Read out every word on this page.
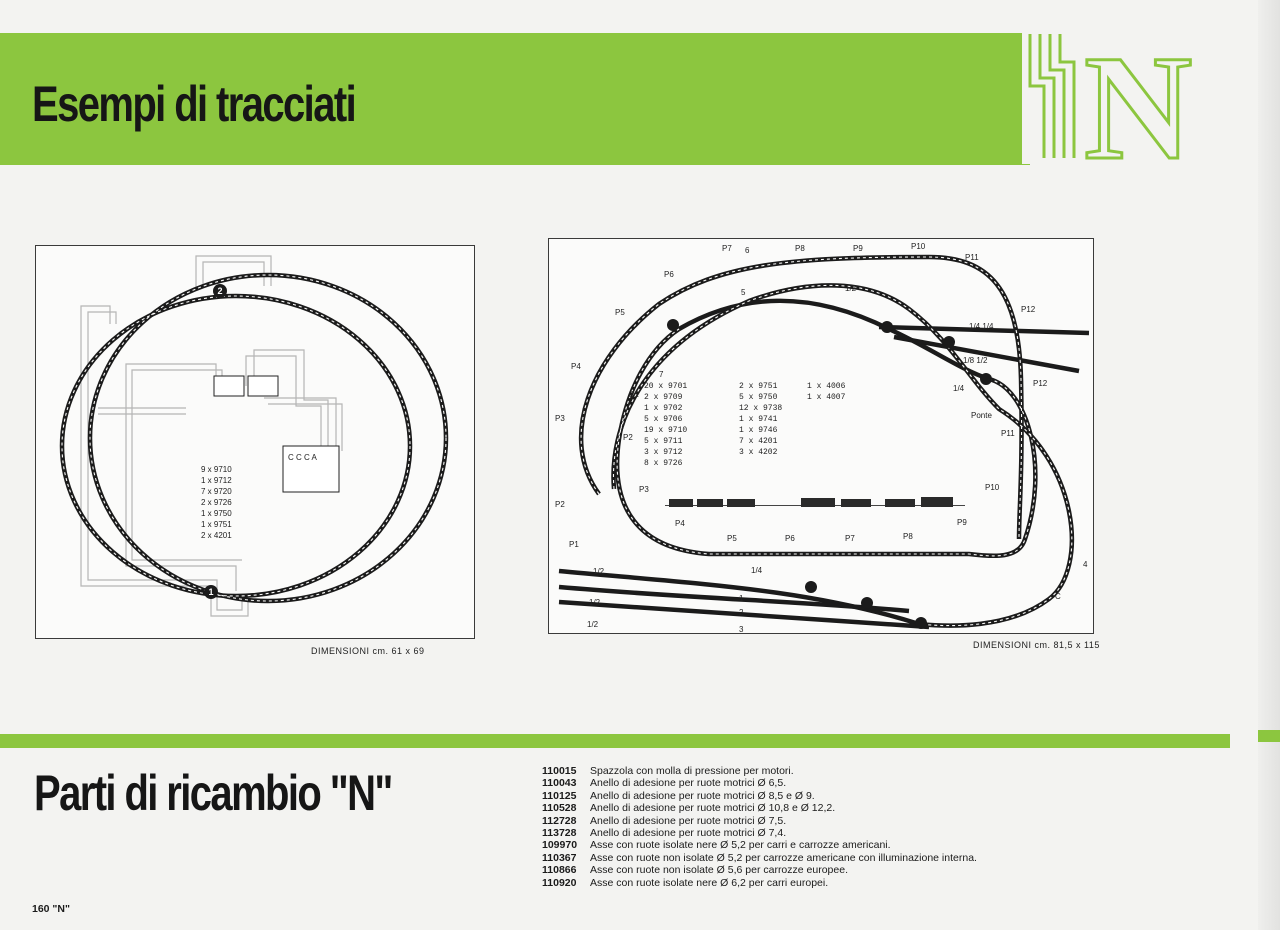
Esempi di tracciati	N
2
1
C C C A
9 x 9710
1 x 9712
7 x 9720
2 x 9726
1 x 9750
1 x 9751
2 x 4201
DIMENSIONI cm. 61 x 69
20 x 9701
2 x 9709
1 x 9702
5 x 9706
19 x 9710
5 x 9711
3 x 9712
8 x 9726
2 x 9751
5 x 9750
12 x 9738
1 x 9741
1 x 9746
7 x 4201
3 x 4202
1 x 4006
1 x 4007
P1
P2
P3
P4
P5
P6
P7	P8	P9	P10
P11
P12
P1
P2
P3
P4
P5	P6	P7	P8
P9
P10
P11
P12
Ponte
1/2
1/4 1/4
1/8 1/2
1/4
1/2	1/4
1/2
1/2
1
2
3
4
5
6
7
C
DIMENSIONI cm. 81,5 x 115
Parti di ricambio "N"	110015	Spazzola con molla di pressione per motori.
110043	Anello di adesione per ruote motrici Ø 6,5.
110125	Anello di adesione per ruote motrici Ø 8,5 e Ø 9.
110528	Anello di adesione per ruote motrici Ø 10,8 e Ø 12,2.
112728	Anello di adesione per ruote motrici Ø 7,5.
113728	Anello di adesione per ruote motrici Ø 7,4.
109970	Asse con ruote isolate nere Ø 5,2 per carri e carrozze americani.
110367	Asse con ruote non isolate Ø 5,2 per carrozze americane con illuminazione interna.
110866	Asse con ruote non isolate Ø 5,6 per carrozze europee.
110920	Asse con ruote isolate nere Ø 6,2 per carri europei.
160 "N"
